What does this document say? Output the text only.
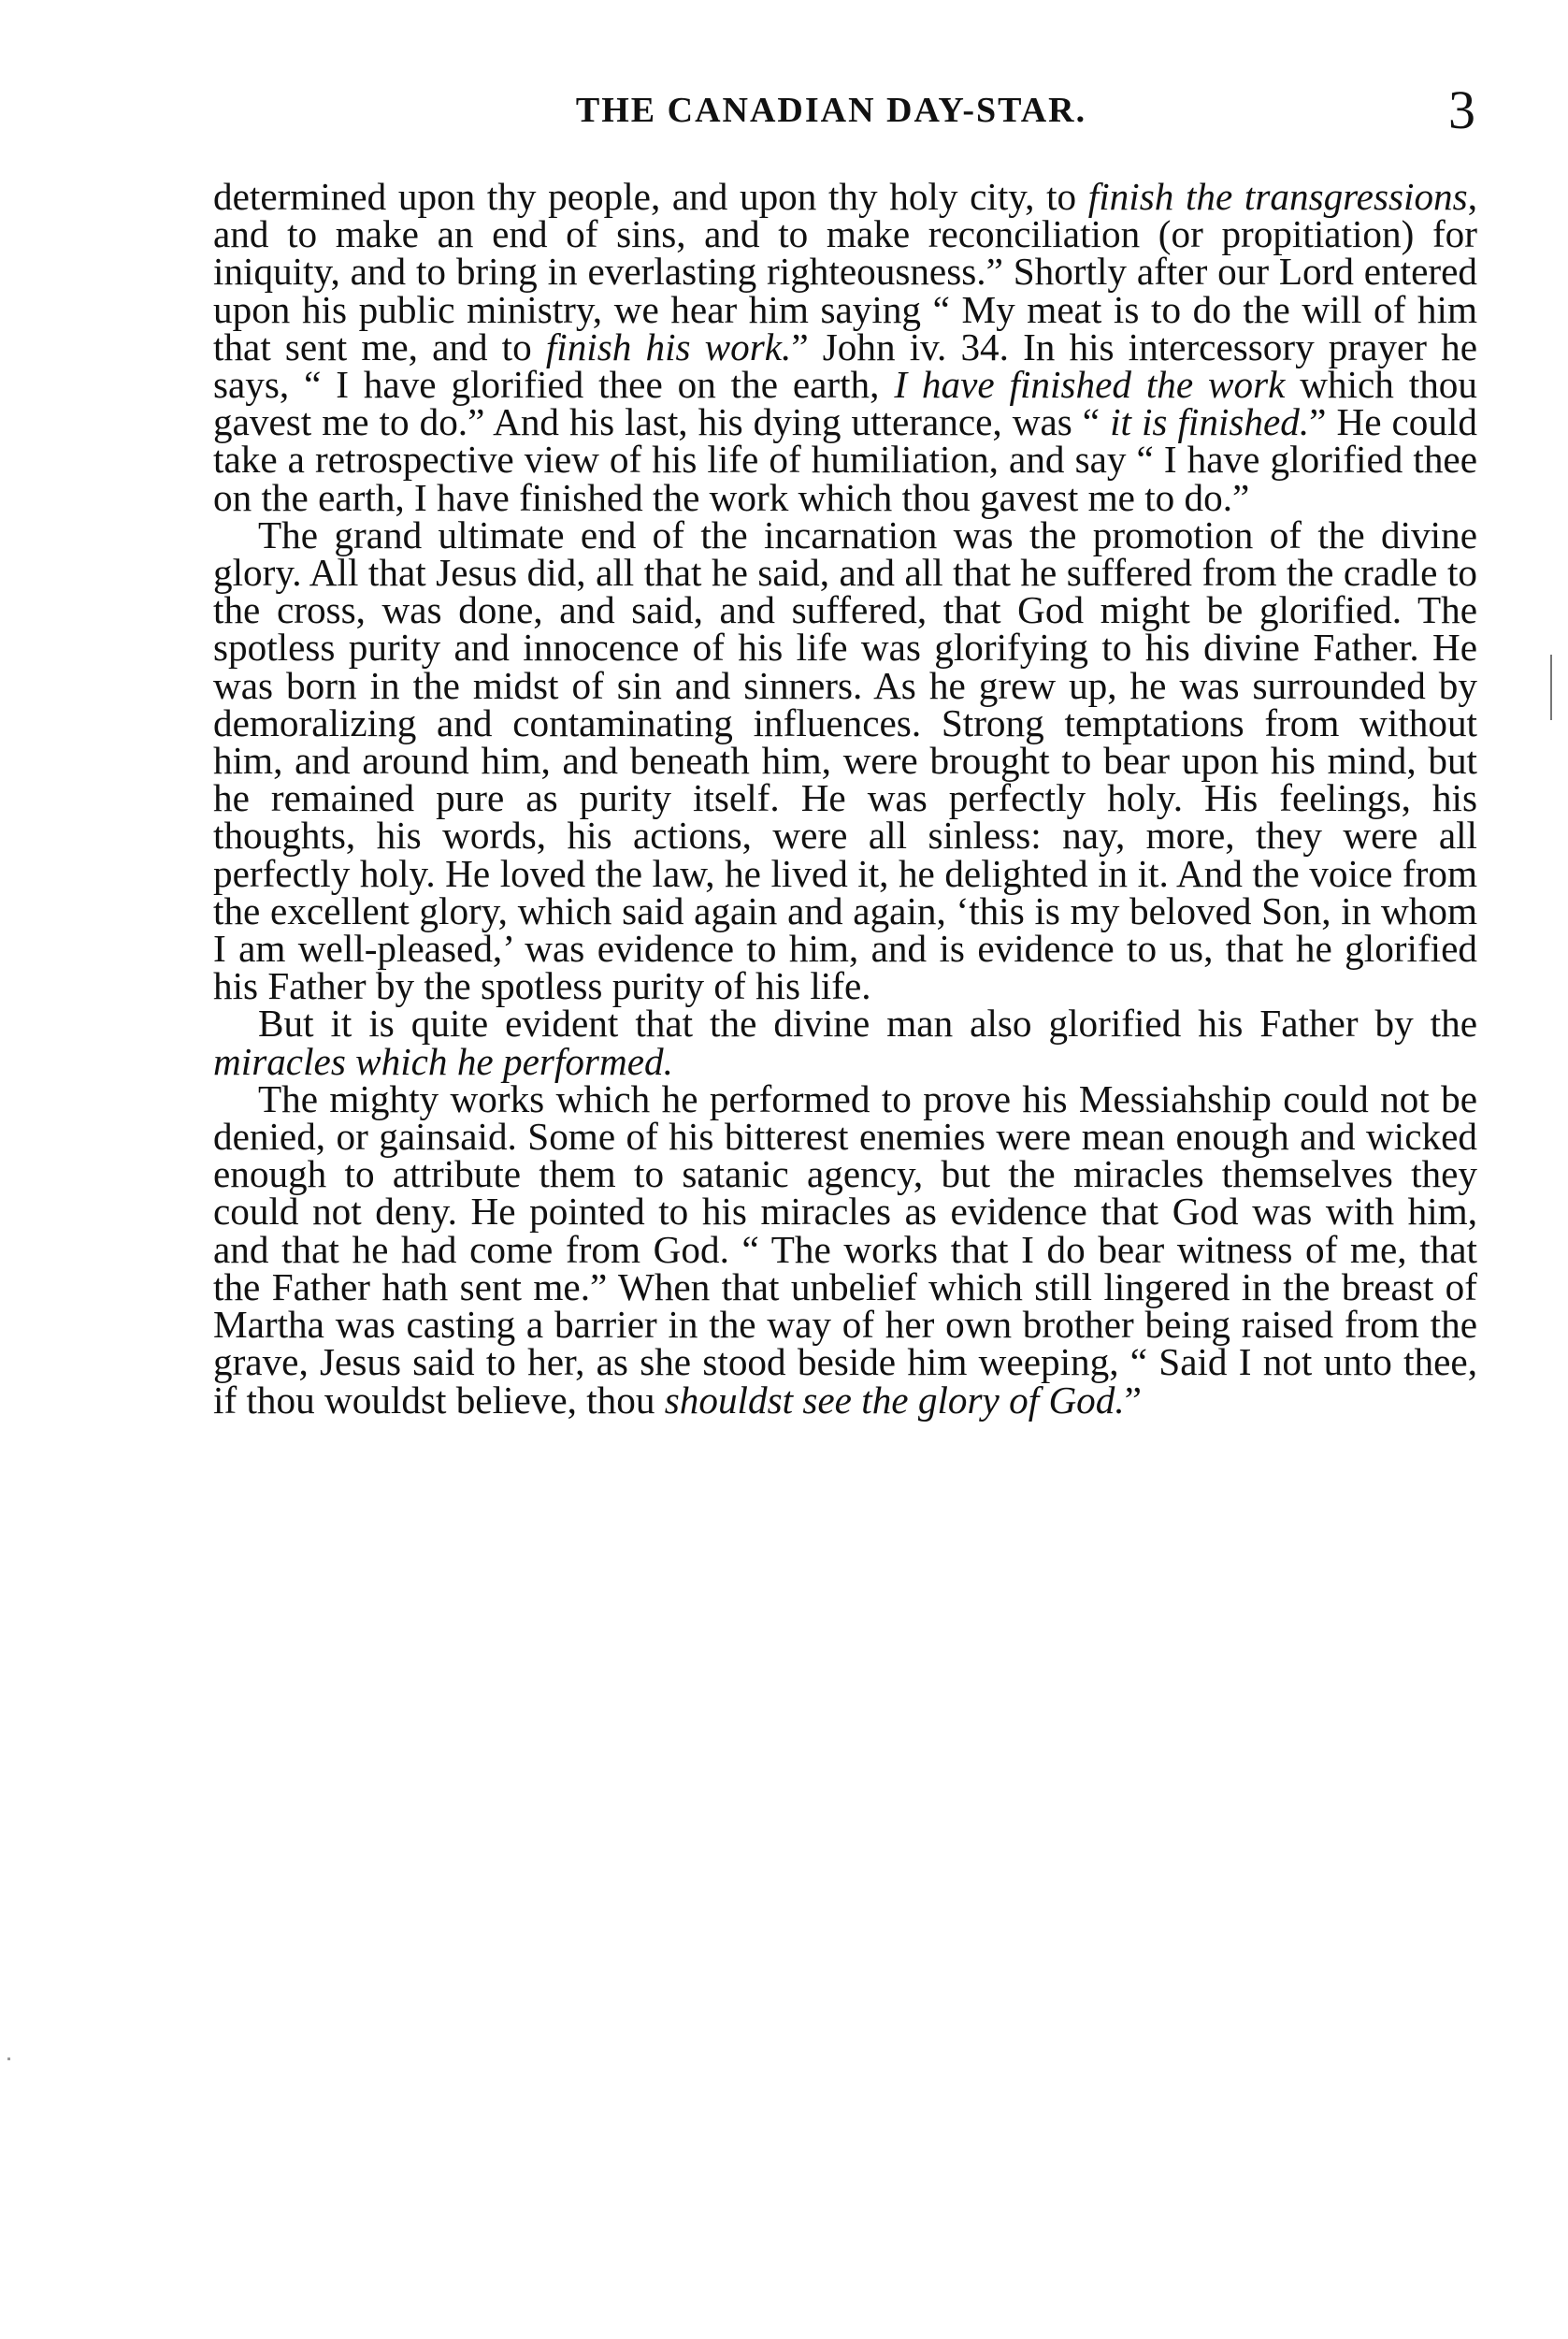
THE CANADIAN DAY-STAR.	3

determined upon thy people, and upon thy holy city, to finish the transgressions, and to make an end of sins, and to make reconciliation (or propitiation) for iniquity, and to bring in everlasting righteousness.” Shortly after our Lord entered upon his public ministry, we hear him saying “ My meat is to do the will of him that sent me, and to finish his work.” John iv. 34. In his intercessory prayer he says, “ I have glorified thee on the earth, I have finished the work which thou gavest me to do.” And his last, his dying utterance, was “ it is finished.” He could take a retrospective view of his life of humiliation, and say “ I have glorified thee on the earth, I have finished the work which thou gavest me to do.”

The grand ultimate end of the incarnation was the promotion of the divine glory. All that Jesus did, all that he said, and all that he suffered from the cradle to the cross, was done, and said, and suffered, that God might be glorified. The spotless purity and innocence of his life was glorifying to his divine Father. He was born in the midst of sin and sinners. As he grew up, he was surrounded by demoralizing and contaminating influences. Strong temptations from without him, and around him, and beneath him, were brought to bear upon his mind, but he remained pure as purity itself. He was perfectly holy. His feelings, his thoughts, his words, his actions, were all sinless: nay, more, they were all perfectly holy. He loved the law, he lived it, he delighted in it. And the voice from the excellent glory, which said again and again, ‘this is my beloved Son, in whom I am well-pleased,’ was evidence to him, and is evidence to us, that he glorified his Father by the spotless purity of his life.

But it is quite evident that the divine man also glorified his Father by the miracles which he performed.

The mighty works which he performed to prove his Messiahship could not be denied, or gainsaid. Some of his bitterest enemies were mean enough and wicked enough to attribute them to satanic agency, but the miracles themselves they could not deny. He pointed to his miracles as evidence that God was with him, and that he had come from God. “ The works that I do bear witness of me, that the Father hath sent me.” When that unbelief which still lingered in the breast of Martha was casting a barrier in the way of her own brother being raised from the grave, Jesus said to her, as she stood beside him weeping, “ Said I not unto thee, if thou wouldst believe, thou shouldst see the glory of God.”
